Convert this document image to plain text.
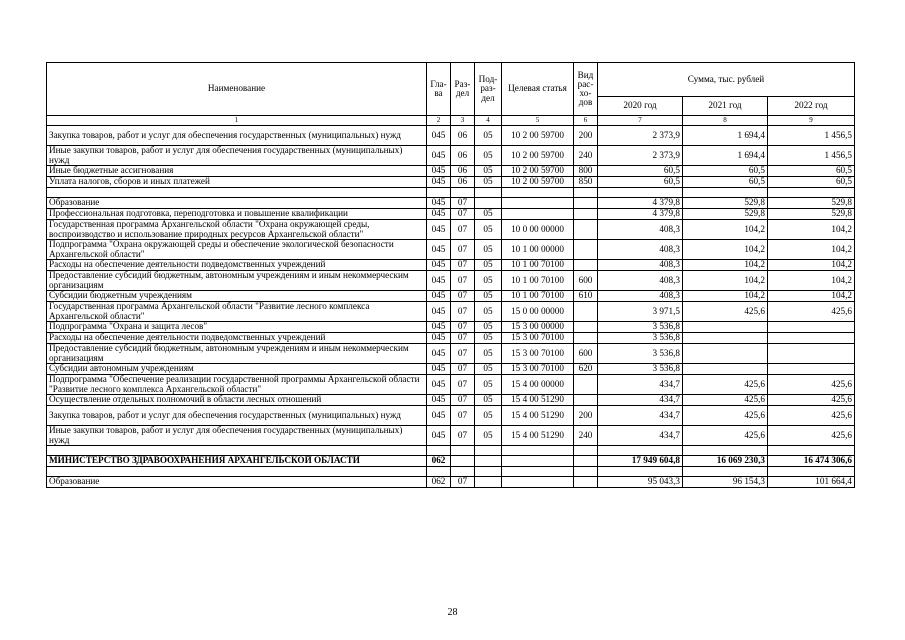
Наименование	Гла-ва	Раз-дел	Под-раз-дел	Целевая статья	Вид рас-хо-дов	Сумма, тыс. рублей		
						2020 год	2021 год	2022 год
1	2	3	4	5	6	7	8	9
Закупка товаров, работ и услуг для обеспечения государственных (муниципальных) нужд	045	06	05	10 2 00 59700	200	2 373,9	1 694,4	1 456,5
Иные закупки товаров, работ и услуг для обеспечения государственных (муниципальных) нужд	045	06	05	10 2 00 59700	240	2 373,9	1 694,4	1 456,5
Иные бюджетные ассигнования	045	06	05	10 2 00 59700	800	60,5	60,5	60,5
Уплата налогов, сборов и иных платежей	045	06	05	10 2 00 59700	850	60,5	60,5	60,5

Образование	045	07				4 379,8	529,8	529,8
Профессиональная подготовка, переподготовка и повышение квалификации	045	07	05			4 379,8	529,8	529,8
Государственная программа Архангельской области "Охрана окружающей среды, воспроизводство и использование природных ресурсов Архангельской области"	045	07	05	10 0 00 00000		408,3	104,2	104,2
Подпрограмма "Охрана окружающей среды и обеспечение экологической безопасности Архангельской области"	045	07	05	10 1 00 00000		408,3	104,2	104,2
Расходы на обеспечение деятельности подведомственных учреждений	045	07	05	10 1 00 70100		408,3	104,2	104,2
Предоставление субсидий бюджетным, автономным учреждениям и иным некоммерческим организациям	045	07	05	10 1 00 70100	600	408,3	104,2	104,2
Субсидии бюджетным учреждениям	045	07	05	10 1 00 70100	610	408,3	104,2	104,2
Государственная программа Архангельской области "Развитие лесного комплекса Архангельской области"	045	07	05	15 0 00 00000		3 971,5	425,6	425,6
Подпрограмма "Охрана и защита лесов"	045	07	05	15 3 00 00000		3 536,8		
Расходы на обеспечение деятельности подведомственных учреждений	045	07	05	15 3 00 70100		3 536,8		
Предоставление субсидий бюджетным, автономным учреждениям и иным некоммерческим организациям	045	07	05	15 3 00 70100	600	3 536,8		
Субсидии автономным учреждениям	045	07	05	15 3 00 70100	620	3 536,8		
Подпрограмма "Обеспечение реализации государственной программы Архангельской области "Развитие лесного комплекса Архангельской области"	045	07	05	15 4 00 00000		434,7	425,6	425,6
Осуществление отдельных полномочий в области лесных отношений	045	07	05	15 4 00 51290		434,7	425,6	425,6
Закупка товаров, работ и услуг для обеспечения государственных (муниципальных) нужд	045	07	05	15 4 00 51290	200	434,7	425,6	425,6
Иные закупки товаров, работ и услуг для обеспечения государственных (муниципальных) нужд	045	07	05	15 4 00 51290	240	434,7	425,6	425,6

МИНИСТЕРСТВО ЗДРАВООХРАНЕНИЯ АРХАНГЕЛЬСКОЙ ОБЛАСТИ	062					17 949 604,8	16 069 230,3	16 474 306,6

Образование	062	07				95 043,3	96 154,3	101 664,4
28
